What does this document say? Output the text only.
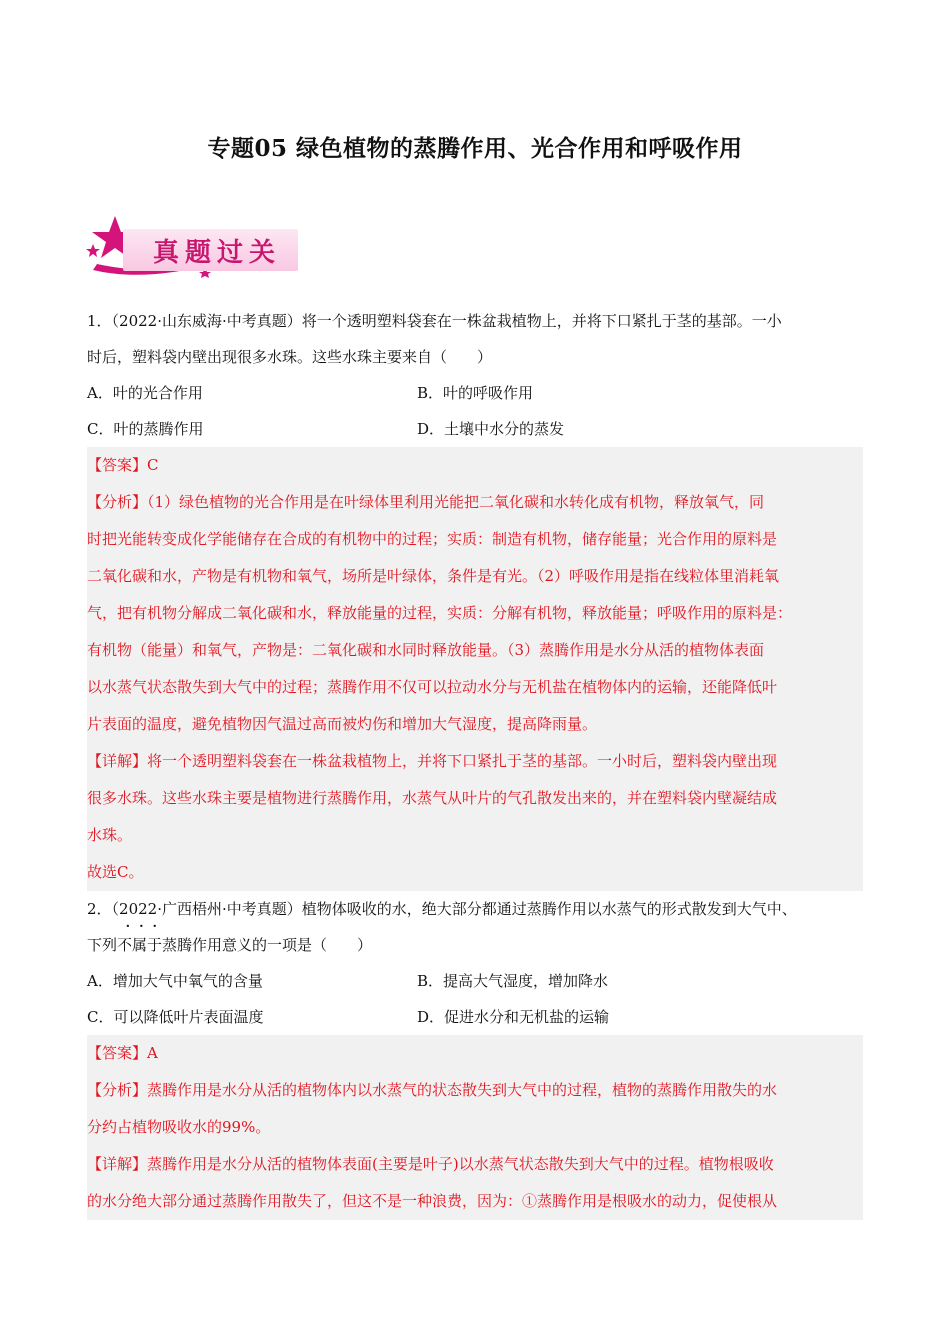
专题05 绿色植物的蒸腾作用、光合作用和呼吸作用
真题过关

1．（2022·山东威海·中考真题）将一个透明塑料袋套在一株盆栽植物上，并将下口紧扎于茎的基部。一小

时后，塑料袋内壁出现很多水珠。这些水珠主要来自（　　）

A．叶的光合作用	B．叶的呼吸作用
C．叶的蒸腾作用	D．土壤中水分的蒸发

【答案】C

【分析】（1）绿色植物的光合作用是在叶绿体里利用光能把二氧化碳和水转化成有机物，释放氧气，同

时把光能转变成化学能储存在合成的有机物中的过程；实质：制造有机物，储存能量；光合作用的原料是

二氧化碳和水，产物是有机物和氧气，场所是叶绿体，条件是有光。（2）呼吸作用是指在线粒体里消耗氧

气，把有机物分解成二氧化碳和水，释放能量的过程，实质：分解有机物，释放能量；呼吸作用的原料是：

有机物（能量）和氧气，产物是：二氧化碳和水同时释放能量。（3）蒸腾作用是水分从活的植物体表面

以水蒸气状态散失到大气中的过程；蒸腾作用不仅可以拉动水分与无机盐在植物体内的运输，还能降低叶

片表面的温度，避免植物因气温过高而被灼伤和增加大气湿度，提高降雨量。

【详解】将一个透明塑料袋套在一株盆栽植物上，并将下口紧扎于茎的基部。一小时后，塑料袋内壁出现

很多水珠。这些水珠主要是植物进行蒸腾作用，水蒸气从叶片的气孔散发出来的，并在塑料袋内壁凝结成

水珠。

故选C。

2．（2022·广西梧州·中考真题）植物体吸收的水，绝大部分都通过蒸腾作用以水蒸气的形式散发到大气中、

下列不属于蒸腾作用意义的一项是（　　） · · ·

A．增加大气中氧气的含量	B．提高大气湿度，增加降水
C．可以降低叶片表面温度	D．促进水分和无机盐的运输

【答案】A

【分析】蒸腾作用是水分从活的植物体内以水蒸气的状态散失到大气中的过程，植物的蒸腾作用散失的水

分约占植物吸收水的99%。

【详解】蒸腾作用是水分从活的植物体表面(主要是叶子)以水蒸气状态散失到大气中的过程。植物根吸收

的水分绝大部分通过蒸腾作用散失了，但这不是一种浪费，因为：①蒸腾作用是根吸水的动力，促使根从
